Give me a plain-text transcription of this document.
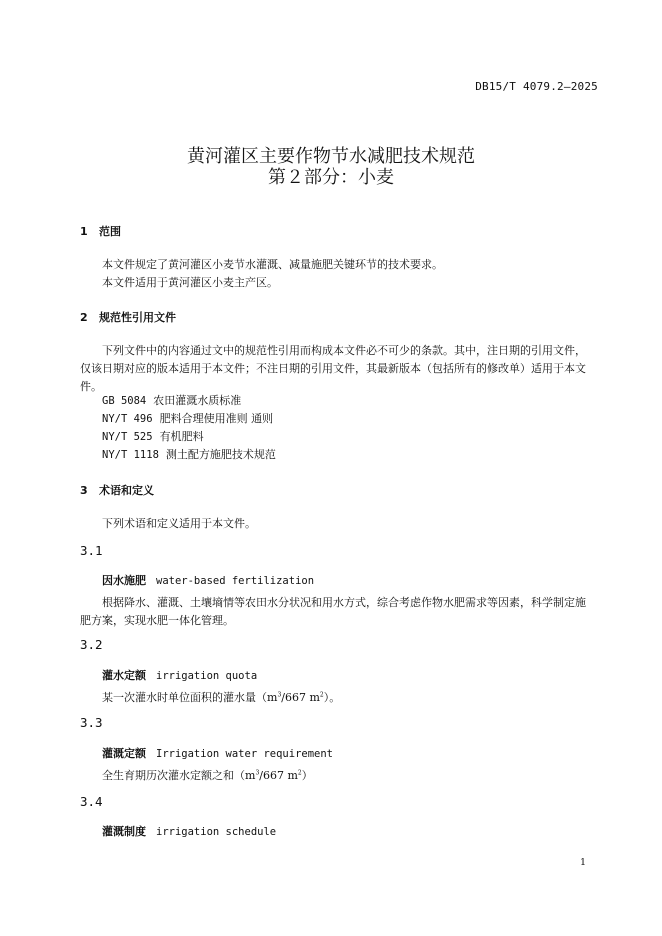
DB15/T 4079.2—2025
黄河灌区主要作物节水减肥技术规范
第２部分：小麦
1 范围
本文件规定了黄河灌区小麦节水灌溉、减量施肥关键环节的技术要求。
本文件适用于黄河灌区小麦主产区。
2 规范性引用文件
下列文件中的内容通过文中的规范性引用而构成本文件必不可少的条款。其中，注日期的引用文件，仅该日期对应的版本适用于本文件；不注日期的引用文件，其最新版本（包括所有的修改单）适用于本文件。
GB 5084 农田灌溉水质标准
NY/T 496 肥料合理使用准则 通则
NY/T 525 有机肥料
NY/T 1118 测土配方施肥技术规范
3 术语和定义
下列术语和定义适用于本文件。
3.1
因水施肥 water-based fertilization
根据降水、灌溉、土壤墒情等农田水分状况和用水方式，综合考虑作物水肥需求等因素，科学制定施肥方案，实现水肥一体化管理。
3.2
灌水定额 irrigation quota
某一次灌水时单位面积的灌水量（$m^3/667$ $m^2$）。
3.3
灌溉定额 Irrigation water requirement
全生育期历次灌水定额之和（$m^3/667$ $m^2$）
3.4
灌溉制度 irrigation schedule
1
